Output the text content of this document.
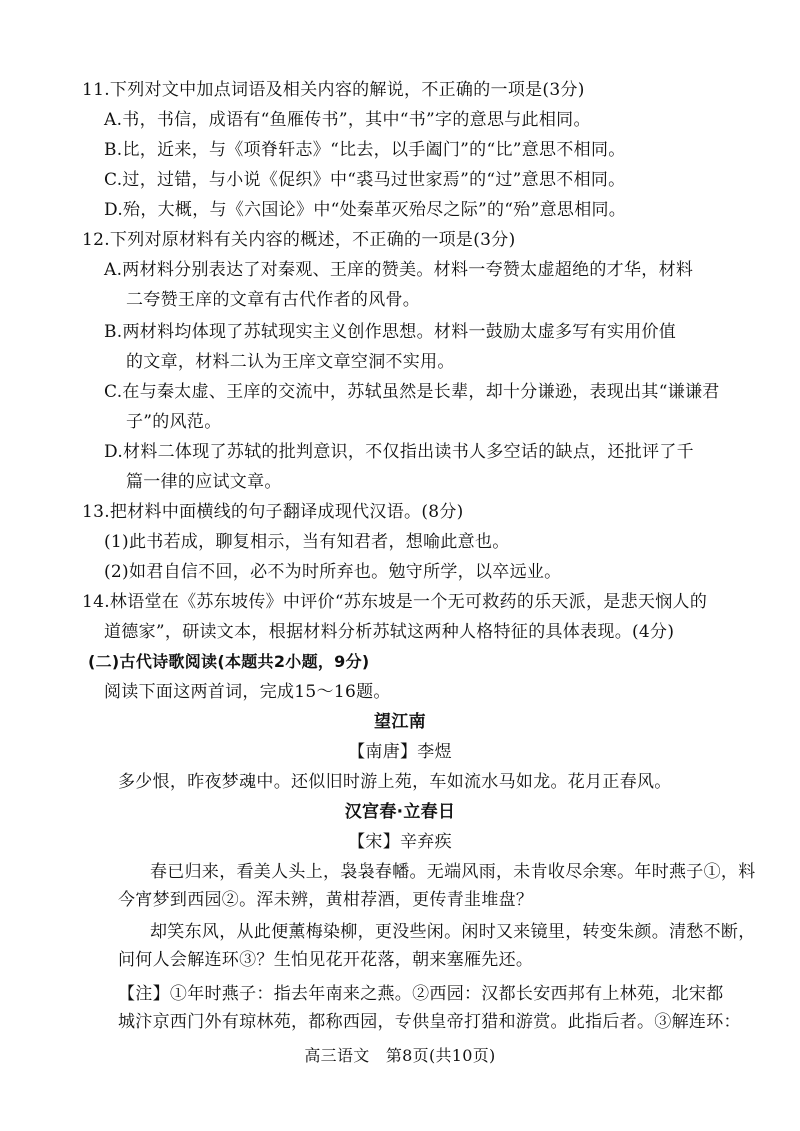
11.下列对文中加点词语及相关内容的解说，不正确的一项是(3分)
A.书，书信，成语有“鱼雁传书”，其中“书”字的意思与此相同。
B.比，近来，与《项脊轩志》“比去，以手阖门”的“比”意思不相同。
C.过，过错，与小说《促织》中“裘马过世家焉”的“过”意思不相同。
D.殆，大概，与《六国论》中“处秦革灭殆尽之际”的“殆”意思相同。
12.下列对原材料有关内容的概述，不正确的一项是(3分)
A.两材料分别表达了对秦观、王庠的赞美。材料一夸赞太虚超绝的才华，材料
二夸赞王庠的文章有古代作者的风骨。
B.两材料均体现了苏轼现实主义创作思想。材料一鼓励太虚多写有实用价值
的文章，材料二认为王庠文章空洞不实用。
C.在与秦太虚、王庠的交流中，苏轼虽然是长辈，却十分谦逊，表现出其“谦谦君
子”的风范。
D.材料二体现了苏轼的批判意识，不仅指出读书人多空话的缺点，还批评了千
篇一律的应试文章。
13.把材料中面横线的句子翻译成现代汉语。(8分)
(1)此书若成，聊复相示，当有知君者，想喻此意也。
(2)如君自信不回，必不为时所弃也。勉守所学，以卒远业。
14.林语堂在《苏东坡传》中评价“苏东坡是一个无可救药的乐天派，是悲天悯人的
道德家”，研读文本，根据材料分析苏轼这两种人格特征的具体表现。(4分)
(二)古代诗歌阅读(本题共2小题，9分)
阅读下面这两首词，完成15～16题。
望江南
【南唐】李煜
多少恨，昨夜梦魂中。还似旧时游上苑，车如流水马如龙。花月正春风。
汉宫春·立春日
【宋】辛弃疾
春已归来，看美人头上，袅袅春幡。无端风雨，未肯收尽余寒。年时燕子①，料
今宵梦到西园②。浑未辨，黄柑荐酒，更传青韭堆盘？
却笑东风，从此便薰梅染柳，更没些闲。闲时又来镜里，转变朱颜。清愁不断，
问何人会解连环③？生怕见花开花落，朝来塞雁先还。
【注】①年时燕子：指去年南来之燕。②西园：汉都长安西邦有上林苑，北宋都
城汴京西门外有琼林苑，都称西园，专供皇帝打猎和游赏。此指后者。③解连环：
高三语文　第8页(共10页)
